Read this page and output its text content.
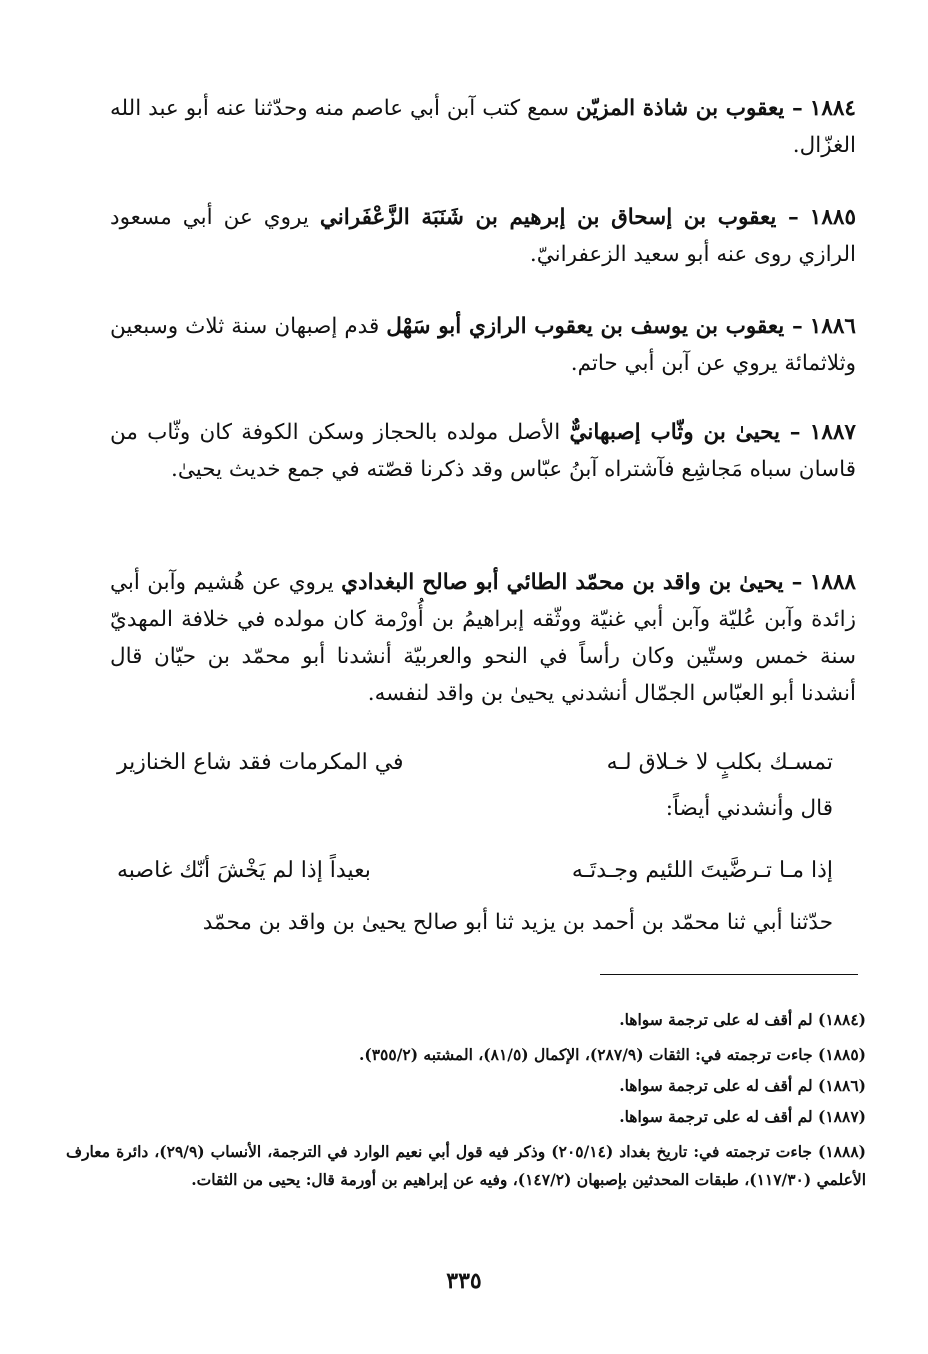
١٨٨٤ – يعقوب بن شاذة المزيّن سمع كتب آبن أبي عاصم منه وحدّثنا عنه أبو عبد الله الغزّال.
١٨٨٥ – يعقوب بن إسحاق بن إبرهيم بن شَنَبَة الزَّعْفَراني يروي عن أبي مسعود الرازي روى عنه أبو سعيد الزعفرانيّ.
١٨٨٦ – يعقوب بن يوسف بن يعقوب الرازي أبو سَهْل قدم إصبهان سنة ثلاث وسبعين وثلاثمائة يروي عن آبن أبي حاتم.
١٨٨٧ – يحيىٰ بن وثّاب إصبهانيٌّ الأصل مولده بالحجاز وسكن الكوفة كان وثّاب من قاسان سباه مَجاشِع فآشتراه آبنُ عبّاس وقد ذكرنا قصّته في جمع خديث يحيىٰ.
١٨٨٨ – يحيىٰ بن واقد بن محمّد الطائي أبو صالح البغدادي يروي عن هُشيم وآبن أبي زائدة وآبن عُليّة وآبن أبي غنيّة ووثّقه إبراهيمُ بن أُورْمة كان مولده في خلافة المهديّ سنة خمس وستّين وكان رأساً في النحو والعربيّة أنشدنا أبو محمّد بن حيّان قال أنشدنا أبو العبّاس الجمّال أنشدني يحيىٰ بن واقد لنفسه.
تمسـك بكلبٍ لا خـلاق لـه
في المكرمات فقد شاع الخنازير
قال وأنشدني أيضاً:
إذا مـا تـرضَّيتَ اللئيم وجـدتَـه
بعيداً إذا لم يَخْشَ أنّك غاصبه
حدّثنا أبي ثنا محمّد بن أحمد بن يزيد ثنا أبو صالح يحيىٰ بن واقد بن محمّد
(١٨٨٤) لم أقف له على ترجمة سواها.
(١٨٨٥) جاءت ترجمته في: الثقات (٢٨٧/٩)، الإكمال (٨١/٥)، المشتبه (٣٥٥/٢).
(١٨٨٦) لم أقف له على ترجمة سواها.
(١٨٨٧) لم أقف له على ترجمة سواها.
(١٨٨٨) جاءت ترجمته في: تاريخ بغداد (٢٠٥/١٤) وذكر فيه قول أبي نعيم الوارد في الترجمة، الأنساب (٢٩/٩)، دائرة معارف الأعلمي (١١٧/٣٠)، طبقات المحدثين بإصبهان (١٤٧/٢)، وفيه عن إبراهيم بن أورمة قال: يحيى من الثقات.
٣٣٥
